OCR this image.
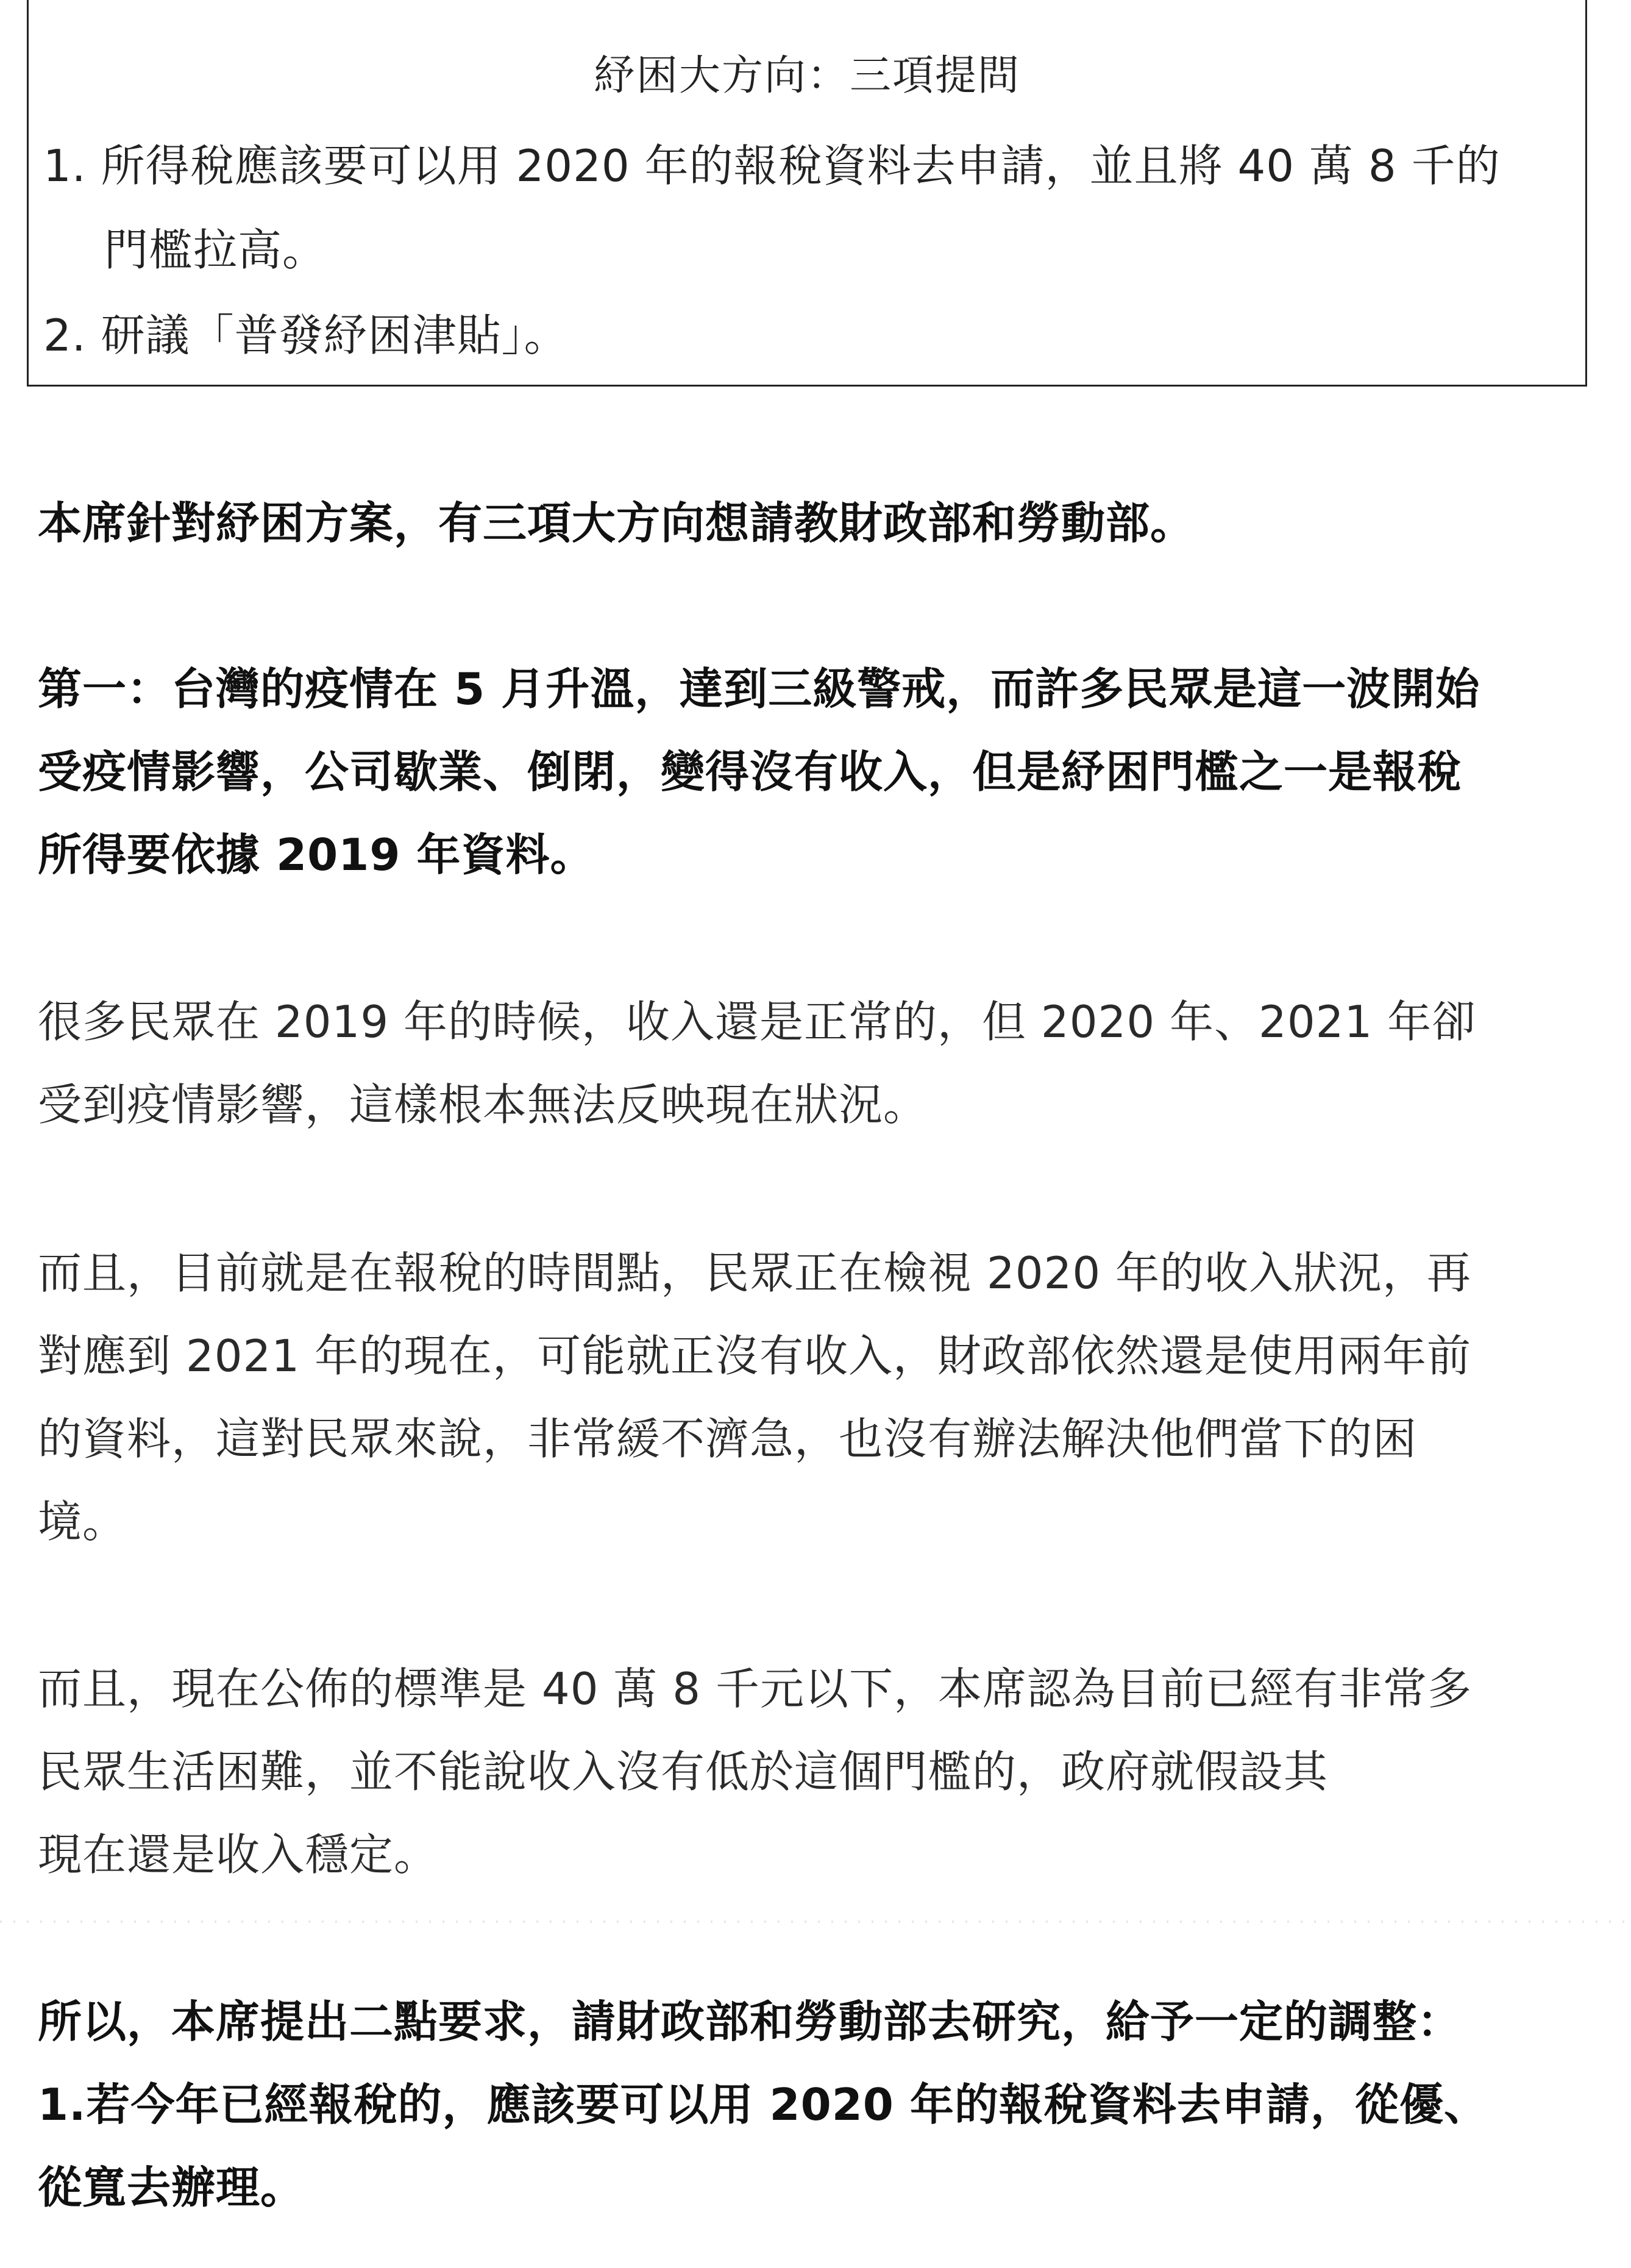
紓困大方向：三項提問
1. 所得稅應該要可以用 2020 年的報稅資料去申請，並且將 40 萬 8 千的
門檻拉高。
2. 研議「普發紓困津貼」。
本席針對紓困方案，有三項大方向想請教財政部和勞動部。
第一：台灣的疫情在 5 月升溫，達到三級警戒，而許多民眾是這一波開始
受疫情影響，公司歇業、倒閉，變得沒有收入，但是紓困門檻之一是報稅
所得要依據 2019 年資料。
很多民眾在 2019 年的時候，收入還是正常的，但 2020 年、2021 年卻
受到疫情影響，這樣根本無法反映現在狀況。
而且，目前就是在報稅的時間點，民眾正在檢視 2020 年的收入狀況，再
對應到 2021 年的現在，可能就正沒有收入，財政部依然還是使用兩年前
的資料，這對民眾來說，非常緩不濟急，也沒有辦法解決他們當下的困
境。
而且，現在公佈的標準是 40 萬 8 千元以下，本席認為目前已經有非常多
民眾生活困難，並不能說收入沒有低於這個門檻的，政府就假設其
現在還是收入穩定。
所以，本席提出二點要求，請財政部和勞動部去研究，給予一定的調整：
1.若今年已經報稅的，應該要可以用 2020 年的報稅資料去申請，從優、
從寬去辦理。
